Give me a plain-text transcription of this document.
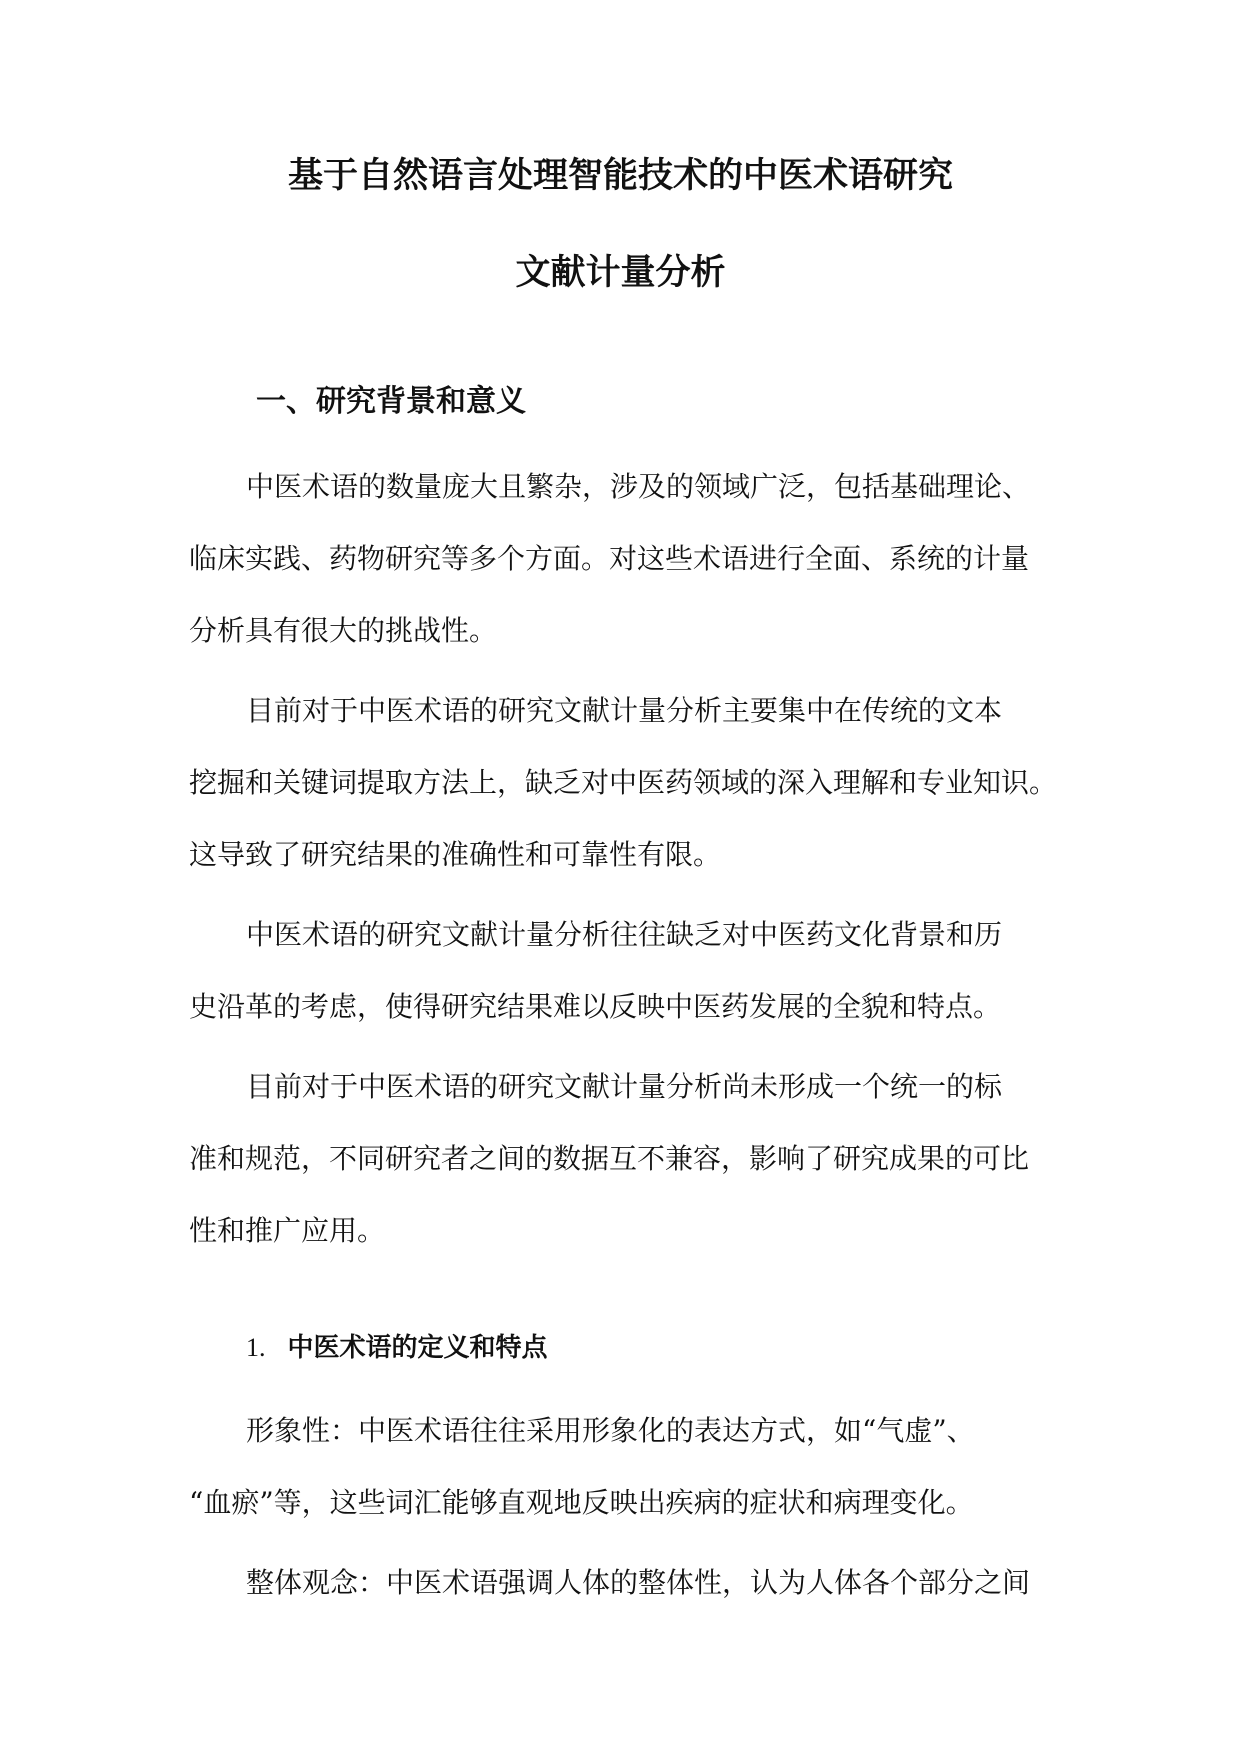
基于自然语言处理智能技术的中医术语研究
文献计量分析
一、研究背景和意义
中医术语的数量庞大且繁杂，涉及的领域广泛，包括基础理论、
临床实践、药物研究等多个方面。对这些术语进行全面、系统的计量
分析具有很大的挑战性。
目前对于中医术语的研究文献计量分析主要集中在传统的文本
挖掘和关键词提取方法上，缺乏对中医药领域的深入理解和专业知识。
这导致了研究结果的准确性和可靠性有限。
中医术语的研究文献计量分析往往缺乏对中医药文化背景和历
史沿革的考虑，使得研究结果难以反映中医药发展的全貌和特点。
目前对于中医术语的研究文献计量分析尚未形成一个统一的标
准和规范，不同研究者之间的数据互不兼容，影响了研究成果的可比
性和推广应用。
1. 中医术语的定义和特点
形象性：中医术语往往采用形象化的表达方式，如“气虚”、
“血瘀”等，这些词汇能够直观地反映出疾病的症状和病理变化。
整体观念：中医术语强调人体的整体性，认为人体各个部分之间
